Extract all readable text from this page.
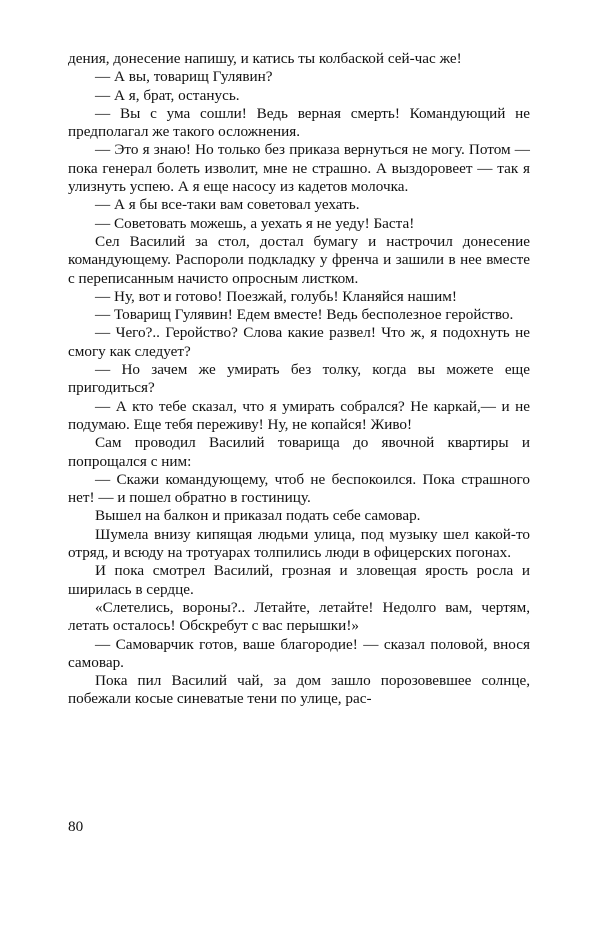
дения, донесение напишу, и катись ты колбаской сей-час же!

— А вы, товарищ Гулявин?

— А я, брат, останусь.

— Вы с ума сошли! Ведь верная смерть! Командующий не предполагал же такого осложнения.

— Это я знаю! Но только без приказа вернуться не могу. Потом — пока генерал болеть изволит, мне не страшно. А выздоровеет — так я улизнуть успею. А я еще насосу из кадетов молочка.

— А я бы все-таки вам советовал уехать.

— Советовать можешь, а уехать я не уеду! Баста!

Сел Василий за стол, достал бумагу и настрочил донесение командующему. Распороли подкладку у френча и зашили в нее вместе с переписанным начисто опросным листком.

— Ну, вот и готово! Поезжай, голубь! Кланяйся нашим!

— Товарищ Гулявин! Едем вместе! Ведь бесполезное геройство.

— Чего?.. Геройство? Слова какие развел! Что ж, я подохнуть не смогу как следует?

— Но зачем же умирать без толку, когда вы можете еще пригодиться?

— А кто тебе сказал, что я умирать собрался? Не каркай,— и не подумаю. Еще тебя переживу! Ну, не копайся! Живо!

Сам проводил Василий товарища до явочной квартиры и попрощался с ним:

— Скажи командующему, чтоб не беспокоился. Пока страшного нет! — и пошел обратно в гостиницу.

Вышел на балкон и приказал подать себе самовар.

Шумела внизу кипящая людьми улица, под музыку шел какой-то отряд, и всюду на тротуарах толпились люди в офицерских погонах.

И пока смотрел Василий, грозная и зловещая ярость росла и ширилась в сердце.

«Слетелись, вороны?.. Летайте, летайте! Недолго вам, чертям, летать осталось! Обскребут с вас перышки!»

— Самоварчик готов, ваше благородие! — сказал половой, внося самовар.

Пока пил Василий чай, за дом зашло порозовевшее солнце, побежали косые синеватые тени по улице, рас-

80
